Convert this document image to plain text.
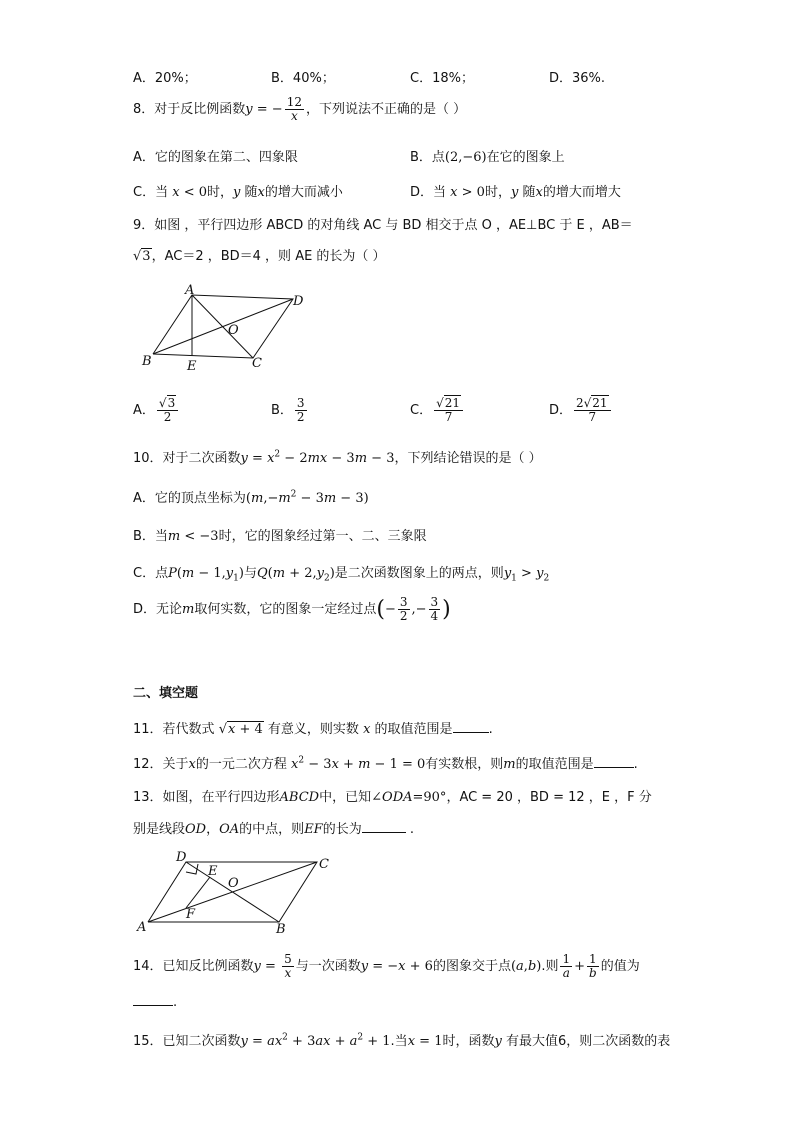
A．20%；	B．40%；	C．18%；	D．36%.
8．对于反比例函数y = − $\frac{12}{x}$ ，下列说法不正确的是（ ）
A．它的图象在第二、四象限	B．点(2,−6)在它的图象上
C．当 x < 0时，y 随x的增大而减小	D．当 x > 0时，y 随x的增大而增大
9．如图 ，平行四边形 ABCD 的对角线 AC 与 BD 相交于点 O ，AE⊥BC 于 E ，AB＝
√3，AC＝2 ，BD＝4 ，则 AE 的长为（ ）
A
D
O
B	E	C
A． $\frac{√3}{2}$	B． $\frac{3}{2}$	C． $\frac{√21}{7}$	D． $\frac{2√21}{7}$
10．对于二次函数$y = x^2 - 2mx - 3m - 3$，下列结论错误的是（ ）
A．它的顶点坐标为$(m,-m^2 - 3m - 3)$
B．当m < −3时，它的图象经过第一、二、三象限
C．点$P(m - 1,y_1)$与$Q(m + 2,y_2)$是二次函数图象上的两点，则$y_1 > y_2$
D．无论m取何实数，它的图象一定经过点(− $\frac{3}{2}$ ,− $\frac{3}{4}$ )
二、填空题
11．若代数式 √x + 4 有意义，则实数 x 的取值范围是	.
12．关于x的一元二次方程 $x^2 - 3x + m - 1 = 0$有实数根，则m的取值范围是	.
13．如图，在平行四边形ABCD中，已知∠ODA=90°，AC = 20 ，BD = 12 ，E ，F 分
别是线段OD，OA的中点，则EF的长为	.
D	C
E
O
F
A	B
14．已知反比例函数$y = \frac{5}{x}$ 与一次函数y = −x + 6的图象交于点(a,b).则 $\frac{1}{a} + \frac{1}{b}$ 的值为
.
15．已知二次函数$y = ax^2 + 3ax + a^2 + 1$.当x = 1时，函数y 有最大值6，则二次函数的表
